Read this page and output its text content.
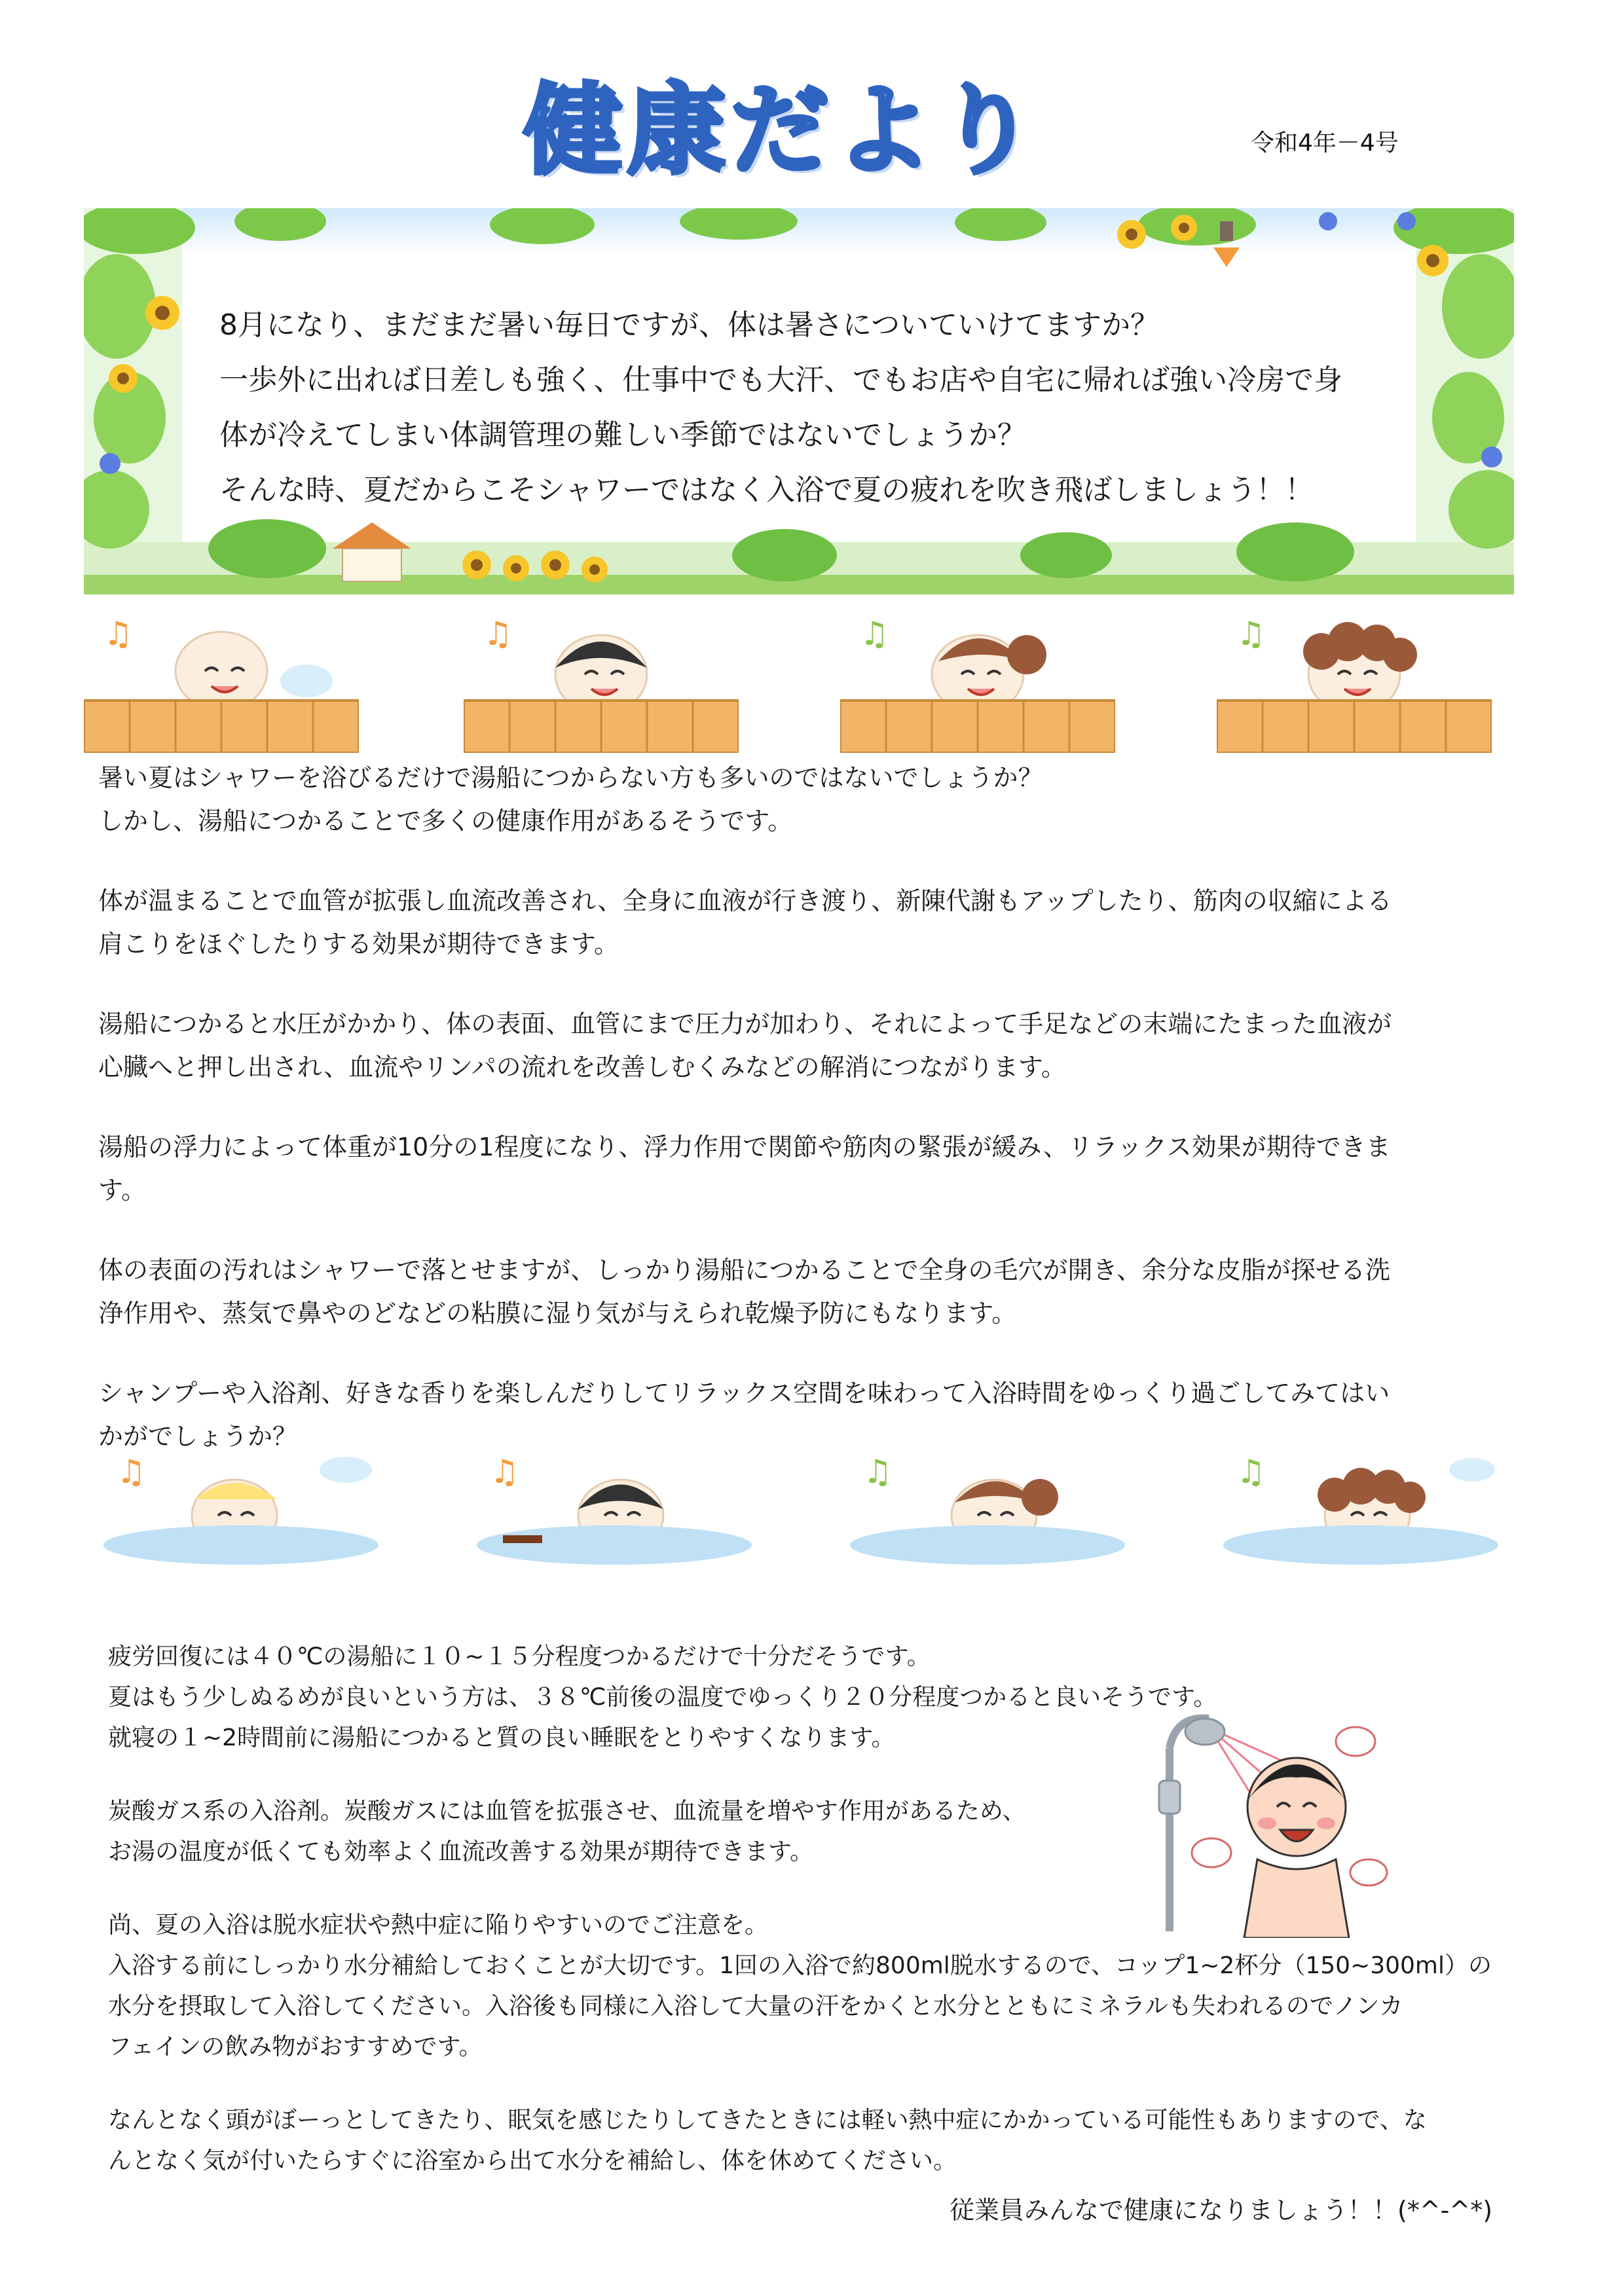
健康だより	令和4年－4号

8月になり、まだまだ暑い毎日ですが、体は暑さについていけてますか？

一歩外に出れば日差しも強く、仕事中でも大汗、でもお店や自宅に帰れば強い冷房で身

体が冷えてしまい体調管理の難しい季節ではないでしょうか？

そんな時、夏だからこそシャワーではなく入浴で夏の疲れを吹き飛ばしましょう！！

♫	♫	♫	♫

暑い夏はシャワーを浴びるだけで湯船につからない方も多いのではないでしょうか？

しかし、湯船につかることで多くの健康作用があるそうです。

体が温まることで血管が拡張し血流改善され、全身に血液が行き渡り、新陳代謝もアップしたり、筋肉の収縮による

肩こりをほぐしたりする効果が期待できます。

湯船につかると水圧がかかり、体の表面、血管にまで圧力が加わり、それによって手足などの末端にたまった血液が

心臓へと押し出され、血流やリンパの流れを改善しむくみなどの解消につながります。

湯船の浮力によって体重が10分の1程度になり、浮力作用で関節や筋肉の緊張が緩み、リラックス効果が期待できま

す。

体の表面の汚れはシャワーで落とせますが、しっかり湯船につかることで全身の毛穴が開き、余分な皮脂が探せる洗

浄作用や、蒸気で鼻やのどなどの粘膜に湿り気が与えられ乾燥予防にもなります。

シャンプーや入浴剤、好きな香りを楽しんだりしてリラックス空間を味わって入浴時間をゆっくり過ごしてみてはい

かがでしょうか？

♫	♫	♫	♫

疲労回復には４０℃の湯船に１０~１５分程度つかるだけで十分だそうです。

夏はもう少しぬるめが良いという方は、３８℃前後の温度でゆっくり２０分程度つかると良いそうです。

就寝の１~2時間前に湯船につかると質の良い睡眠をとりやすくなります。

炭酸ガス系の入浴剤。炭酸ガスには血管を拡張させ、血流量を増やす作用があるため、

お湯の温度が低くても効率よく血流改善する効果が期待できます。

尚、夏の入浴は脱水症状や熱中症に陥りやすいのでご注意を。

入浴する前にしっかり水分補給しておくことが大切です。1回の入浴で約800ml脱水するので、コップ1~2杯分（150~300ml）の

水分を摂取して入浴してください。入浴後も同様に入浴して大量の汗をかくと水分とともにミネラルも失われるのでノンカ

フェインの飲み物がおすすめです。

なんとなく頭がぼーっとしてきたり、眠気を感じたりしてきたときには軽い熱中症にかかっている可能性もありますので、な

んとなく気が付いたらすぐに浴室から出て水分を補給し、体を休めてください。

従業員みんなで健康になりましょう！！(*^-^*)
